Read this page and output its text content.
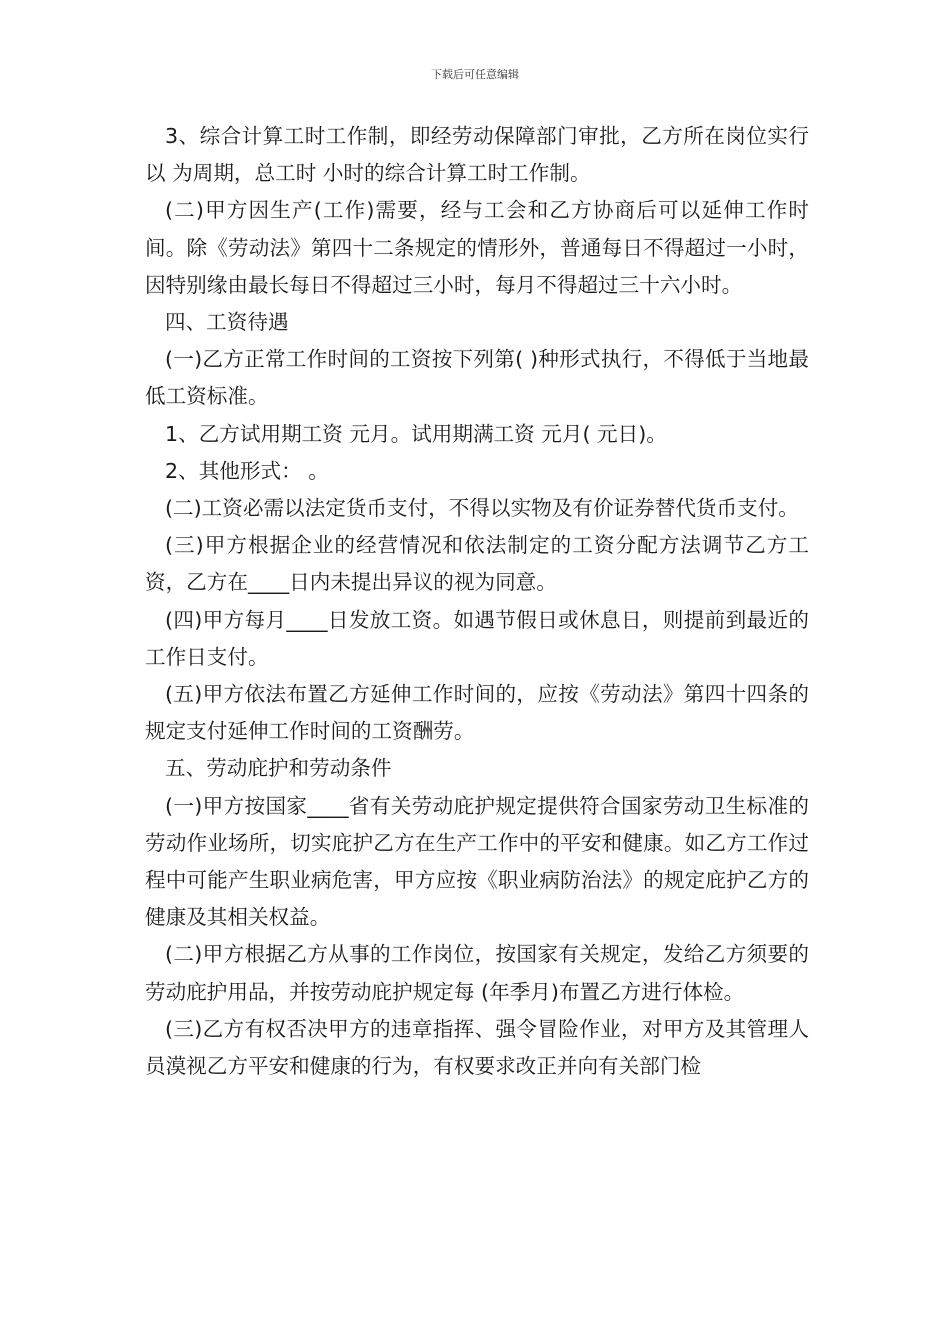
下载后可任意编辑

3、综合计算工时工作制，即经劳动保障部门审批，乙方所在岗位实行以 为周期，总工时 小时的综合计算工时工作制。

(二)甲方因生产(工作)需要，经与工会和乙方协商后可以延伸工作时间。除《劳动法》第四十二条规定的情形外，普通每日不得超过一小时，因特别缘由最长每日不得超过三小时，每月不得超过三十六小时。

四、工资待遇

(一)乙方正常工作时间的工资按下列第( )种形式执行，不得低于当地最低工资标准。

1、乙方试用期工资 元月。试用期满工资 元月( 元日)。

2、其他形式： 。

(二)工资必需以法定货币支付，不得以实物及有价证券替代货币支付。

(三)甲方根据企业的经营情况和依法制定的工资分配方法调节乙方工资，乙方在____日内未提出异议的视为同意。

(四)甲方每月____日发放工资。如遇节假日或休息日，则提前到最近的工作日支付。

(五)甲方依法布置乙方延伸工作时间的，应按《劳动法》第四十四条的规定支付延伸工作时间的工资酬劳。

五、劳动庇护和劳动条件

(一)甲方按国家____省有关劳动庇护规定提供符合国家劳动卫生标准的劳动作业场所，切实庇护乙方在生产工作中的平安和健康。如乙方工作过程中可能产生职业病危害，甲方应按《职业病防治法》的规定庇护乙方的健康及其相关权益。

(二)甲方根据乙方从事的工作岗位，按国家有关规定，发给乙方须要的劳动庇护用品，并按劳动庇护规定每 (年季月)布置乙方进行体检。

(三)乙方有权否决甲方的违章指挥、强令冒险作业，对甲方及其管理人员漠视乙方平安和健康的行为，有权要求改正并向有关部门检
